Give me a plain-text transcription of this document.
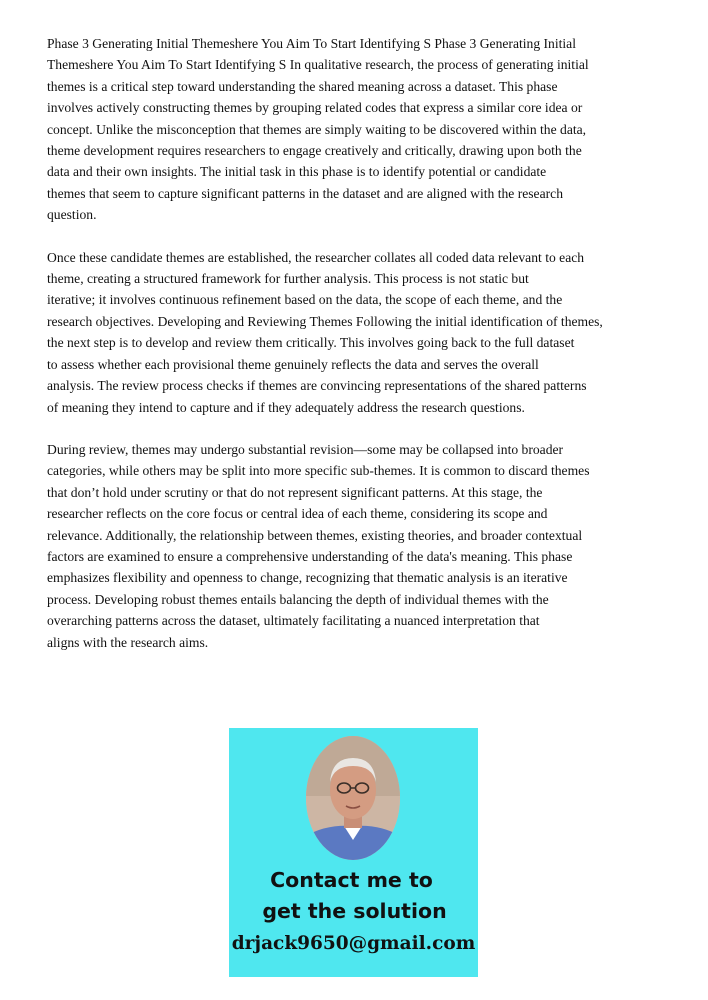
Phase 3 Generating Initial Themeshere You Aim To Start Identifying S Phase 3 Generating Initial
Themeshere You Aim To Start Identifying S In qualitative research, the process of generating initial
themes is a critical step toward understanding the shared meaning across a dataset. This phase
involves actively constructing themes by grouping related codes that express a similar core idea or
concept. Unlike the misconception that themes are simply waiting to be discovered within the data,
theme development requires researchers to engage creatively and critically, drawing upon both the
data and their own insights. The initial task in this phase is to identify potential or candidate
themes that seem to capture significant patterns in the dataset and are aligned with the research
question.

Once these candidate themes are established, the researcher collates all coded data relevant to each
theme, creating a structured framework for further analysis. This process is not static but
iterative; it involves continuous refinement based on the data, the scope of each theme, and the
research objectives. Developing and Reviewing Themes Following the initial identification of themes,
the next step is to develop and review them critically. This involves going back to the full dataset
to assess whether each provisional theme genuinely reflects the data and serves the overall
analysis. The review process checks if themes are convincing representations of the shared patterns
of meaning they intend to capture and if they adequately address the research questions.

During review, themes may undergo substantial revision—some may be collapsed into broader
categories, while others may be split into more specific sub-themes. It is common to discard themes
that don’t hold under scrutiny or that do not represent significant patterns. At this stage, the
researcher reflects on the core focus or central idea of each theme, considering its scope and
relevance. Additionally, the relationship between themes, existing theories, and broader contextual
factors are examined to ensure a comprehensive understanding of the data's meaning. This phase
emphasizes flexibility and openness to change, recognizing that thematic analysis is an iterative
process. Developing robust themes entails balancing the depth of individual themes with the
overarching patterns across the dataset, ultimately facilitating a nuanced interpretation that
aligns with the research aims.

Contact me to
get the solution
drjack9650@gmail.com
